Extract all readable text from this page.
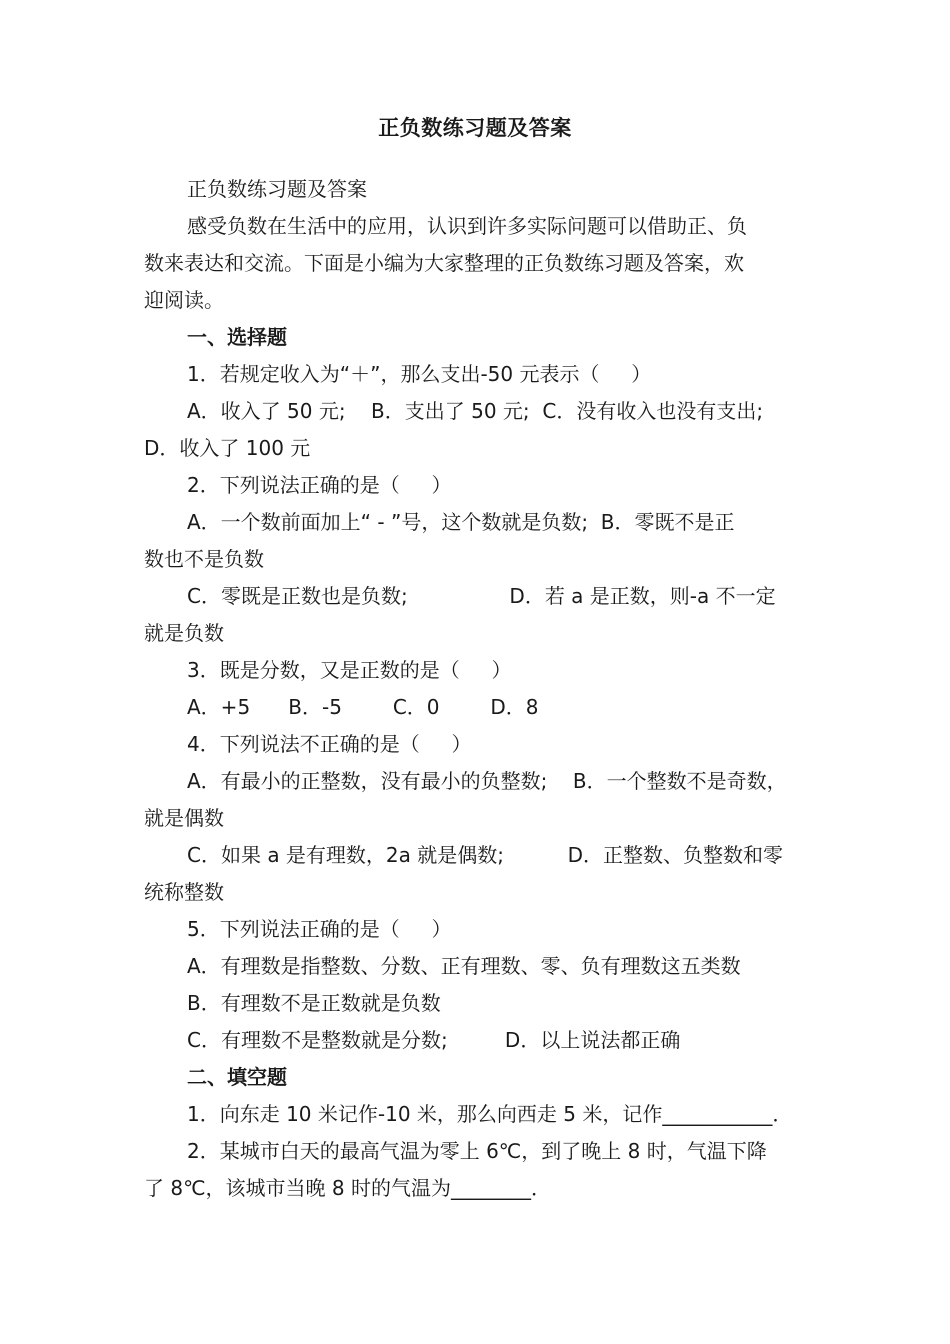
正负数练习题及答案
正负数练习题及答案
感受负数在生活中的应用，认识到许多实际问题可以借助正、负
数来表达和交流。下面是小编为大家整理的正负数练习题及答案，欢
迎阅读。
一、选择题
1．若规定收入为“＋”，那么支出-50 元表示（     ）
A．收入了 50 元;    B．支出了 50 元;  C．没有收入也没有支出;
D．收入了 100 元
2．下列说法正确的是（     ）
A．一个数前面加上“ - ”号，这个数就是负数;  B．零既不是正
数也不是负数
C．零既是正数也是负数;                D．若 a 是正数，则-a 不一定
就是负数
3．既是分数，又是正数的是（     ）
A．+5      B．-5        C．0        D．8
4．下列说法不正确的是（     ）
A．有最小的正整数，没有最小的负整数;    B．一个整数不是奇数，
就是偶数
C．如果 a 是有理数，2a 就是偶数;          D．正整数、负整数和零
统称整数
5．下列说法正确的是（     ）
A．有理数是指整数、分数、正有理数、零、负有理数这五类数
B．有理数不是正数就是负数
C．有理数不是整数就是分数;         D．以上说法都正确
二、填空题
1．向东走 10 米记作-10 米，那么向西走 5 米，记作___________．
2．某城市白天的最高气温为零上 6℃，到了晚上 8 时，气温下降
了 8℃，该城市当晚 8 时的气温为________．
